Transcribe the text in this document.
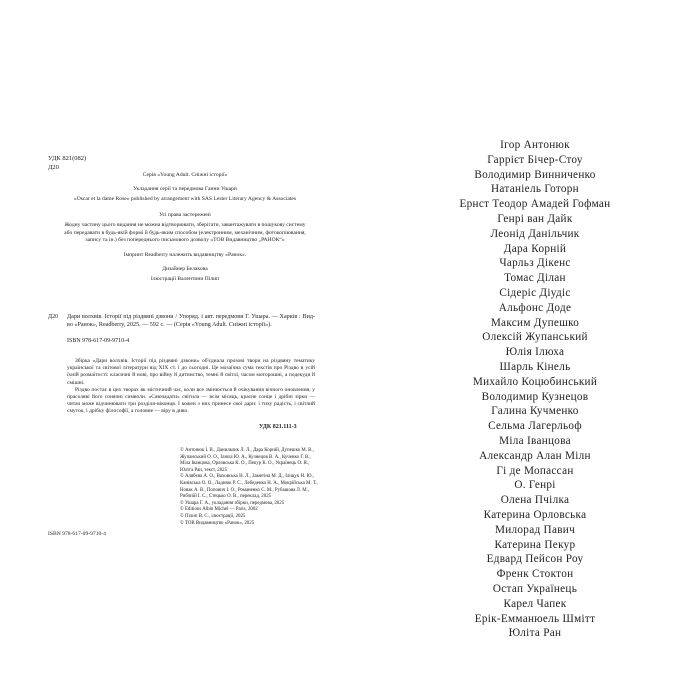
УДК 821(082)
Д20
Серія «Young Adult. Сніжні історії»
Укладання серії та передмова Ганни Ушари
«Oscar et la dame Rose» published by arrangement with SAS Lester Literary Agency & Associates
Усі права застережені
Жодну частину цього видання не можна відтворювати, зберігати, завантажувати в пошукову систему або передавати в будь-якій формі й будь-яким способом (електронним, механічним, фотокопіювання, запису та ін.) без попереднього письмового дозволу «ТОВ Видавництво „РАНОК“»
Імпринт Readberry належить видавництву «Ранок».
Дизайнер Белакова
Ілюстрації Валентини Пілип
Д20 Дари волхвів. Історії під різдвяні дзвони / Упоряд. і авт. передмови Г. Ушара. — Харків : Вид-во «Ранок», Readberry, 2025. — 592 с. — (Серія «Young Adult. Сніжні історії»).
ISBN 978-617-09-9710-4

Збірка «Дари волхвів. Історії під різдвяні дзвони» об'єднала прозові твори на різдвяну тематику української та світової літератури від XIX ст. і до сьогодні. Це мозаїчна сума текстів про Різдво в усій їхній розмаїтості: класичні й нові, про війну й дитинство, темні й світлі, часом моторошні, а подекуди й смішні.

Різдво постає в цих творах як містичний час, коли все змінюється й очікування вічного оновлення, у прасоляві його сонячні символи. «Сяючадати» світила — всім місяць, красне сонце і дрібні зірки — читач може відчинювати три розділи-віконця. І кожен з них принесе свої дари: і тиху радість, і світлий смуток, і дрібку філософії, а головне — віру в диво.

УДК 821.111-3
© Антонюк І. В., Данильчик Л. Л., Дара Корній, Дупешко М. В., Жупанський О. О., Ілюха Ю. А., Кузнецов В. А., Кученко Г. В., Міла Іванцова, Орловська К. О., Пекур К. О., Українець О. Я., Юліта Ран, текст, 2025
© Алябєва А. О., Ваховська Н. Л., Заметіна М. Д., Іліщук Н. Ю., Канівська О. О., Ладнюк Р. С., Лебеденко Н. А., Мокрійська М. Т., Новак А. В., Попович І. О., Романенко С. М., Рубашова Л. М., Рибчиїй І. С., Стецько О. В., переклад, 2025
© Ушара Г. А., укладання збірки, передмова, 2025
© Editions Albin Michel — Paris, 2002
© Пілип В. С., ілюстрації, 2025
© ТОВ Видавництво «Ранок», 2025
ISBN 978-617-09-9710-4
Ігор Антонюк
Гаррієт Бічер-Стоу
Володимир Винниченко
Натаніель Готорн
Ернст Теодор Амадей Гофман
Генрі ван Дайк
Леонід Данільчик
Дара Корній
Чарльз Дікенс
Томас Ділан
Сідеріс Діудіс
Альфонс Доде
Максим Дупешко
Олексій Жупанський
Юлія Ілюха
Шарль Кінель
Михайло Коцюбинський
Володимир Кузнецов
Галина Кучменко
Сельма Лагерльоф
Міла Іванцова
Александр Алан Мілн
Гі де Мопассан
О. Генрі
Олена Пчілка
Катерина Орловська
Милорад Павич
Катерина Пекур
Едвард Пейсон Роу
Френк Стоктон
Остап Українець
Карел Чапек
Ерік-Емманюель Шмітт
Юліта Ран
